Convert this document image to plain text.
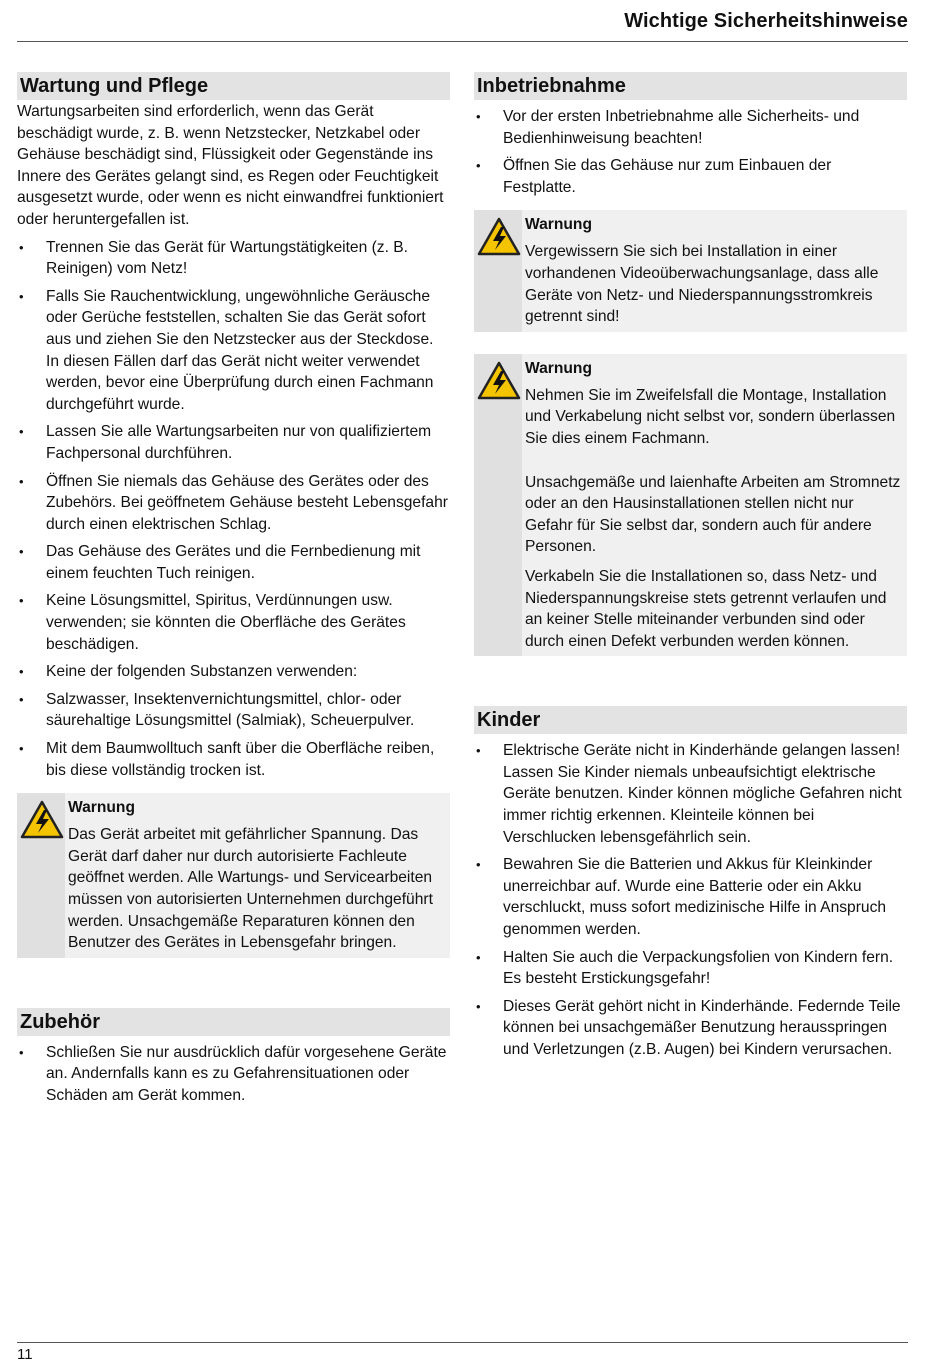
Wichtige Sicherheitshinweise
Wartung und Pflege

Wartungsarbeiten sind erforderlich, wenn das Gerät beschädigt wurde, z. B. wenn Netzstecker, Netzkabel oder Gehäuse beschädigt sind, Flüssigkeit oder Gegenstände ins Innere des Gerätes gelangt sind, es Regen oder Feuchtigkeit ausgesetzt wurde, oder wenn es nicht einwandfrei funktioniert oder heruntergefallen ist.

• Trennen Sie das Gerät für Wartungstätigkeiten (z. B. Reinigen) vom Netz!
• Falls Sie Rauchentwicklung, ungewöhnliche Geräusche oder Gerüche feststellen, schalten Sie das Gerät sofort aus und ziehen Sie den Netzstecker aus der Steckdose. In diesen Fällen darf das Gerät nicht weiter verwendet werden, bevor eine Überprüfung durch einen Fachmann durchgeführt wurde.
• Lassen Sie alle Wartungsarbeiten nur von qualifiziertem Fachpersonal durchführen.
• Öffnen Sie niemals das Gehäuse des Gerätes oder des Zubehörs. Bei geöffnetem Gehäuse besteht Lebensgefahr durch einen elektrischen Schlag.
• Das Gehäuse des Gerätes und die Fernbedienung mit einem feuchten Tuch reinigen.
• Keine Lösungsmittel, Spiritus, Verdünnungen usw. verwenden; sie könnten die Oberfläche des Gerätes beschädigen.
• Keine der folgenden Substanzen verwenden:
• Salzwasser, Insektenvernichtungsmittel, chlor- oder säurehaltige Lösungsmittel (Salmiak), Scheuerpulver.
• Mit dem Baumwolltuch sanft über die Oberfläche reiben, bis diese vollständig trocken ist.
Warnung

Das Gerät arbeitet mit gefährlicher Spannung. Das Gerät darf daher nur durch autorisierte Fachleute geöffnet werden. Alle Wartungs- und Servicearbeiten müssen von autorisierten Unternehmen durchgeführt werden. Unsachgemäße Reparaturen können den Benutzer des Gerätes in Lebensgefahr bringen.

Zubehör
• Schließen Sie nur ausdrücklich dafür vorgesehene Geräte an. Andernfalls kann es zu Gefahrensituationen oder Schäden am Gerät kommen.
Inbetriebnahme
• Vor der ersten Inbetriebnahme alle Sicherheits- und Bedienhinweisung beachten!
• Öffnen Sie das Gehäuse nur zum Einbauen der Festplatte.
Warnung

Vergewissern Sie sich bei Installation in einer vorhandenen Videoüberwachungsanlage, dass alle Geräte von Netz- und Niederspannungsstromkreis getrennt sind!

Warnung

Nehmen Sie im Zweifelsfall die Montage, Installation und Verkabelung nicht selbst vor, sondern überlassen Sie dies einem Fachmann.

Unsachgemäße und laienhafte Arbeiten am Stromnetz oder an den Hausinstallationen stellen nicht nur Gefahr für Sie selbst dar, sondern auch für andere Personen.

Verkabeln Sie die Installationen so, dass Netz- und Niederspannungskreise stets getrennt verlaufen und an keiner Stelle miteinander verbunden sind oder durch einen Defekt verbunden werden können.

Kinder
• Elektrische Geräte nicht in Kinderhände gelangen lassen! Lassen Sie Kinder niemals unbeaufsichtigt elektrische Geräte benutzen. Kinder können mögliche Gefahren nicht immer richtig erkennen. Kleinteile können bei Verschlucken lebensgefährlich sein.
• Bewahren Sie die Batterien und Akkus für Kleinkinder unerreichbar auf. Wurde eine Batterie oder ein Akku verschluckt, muss sofort medizinische Hilfe in Anspruch genommen werden.
• Halten Sie auch die Verpackungsfolien von Kindern fern. Es besteht Erstickungsgefahr!
• Dieses Gerät gehört nicht in Kinderhände. Federnde Teile können bei unsachgemäßer Benutzung herausspringen und Verletzungen (z.B. Augen) bei Kindern verursachen.
11
